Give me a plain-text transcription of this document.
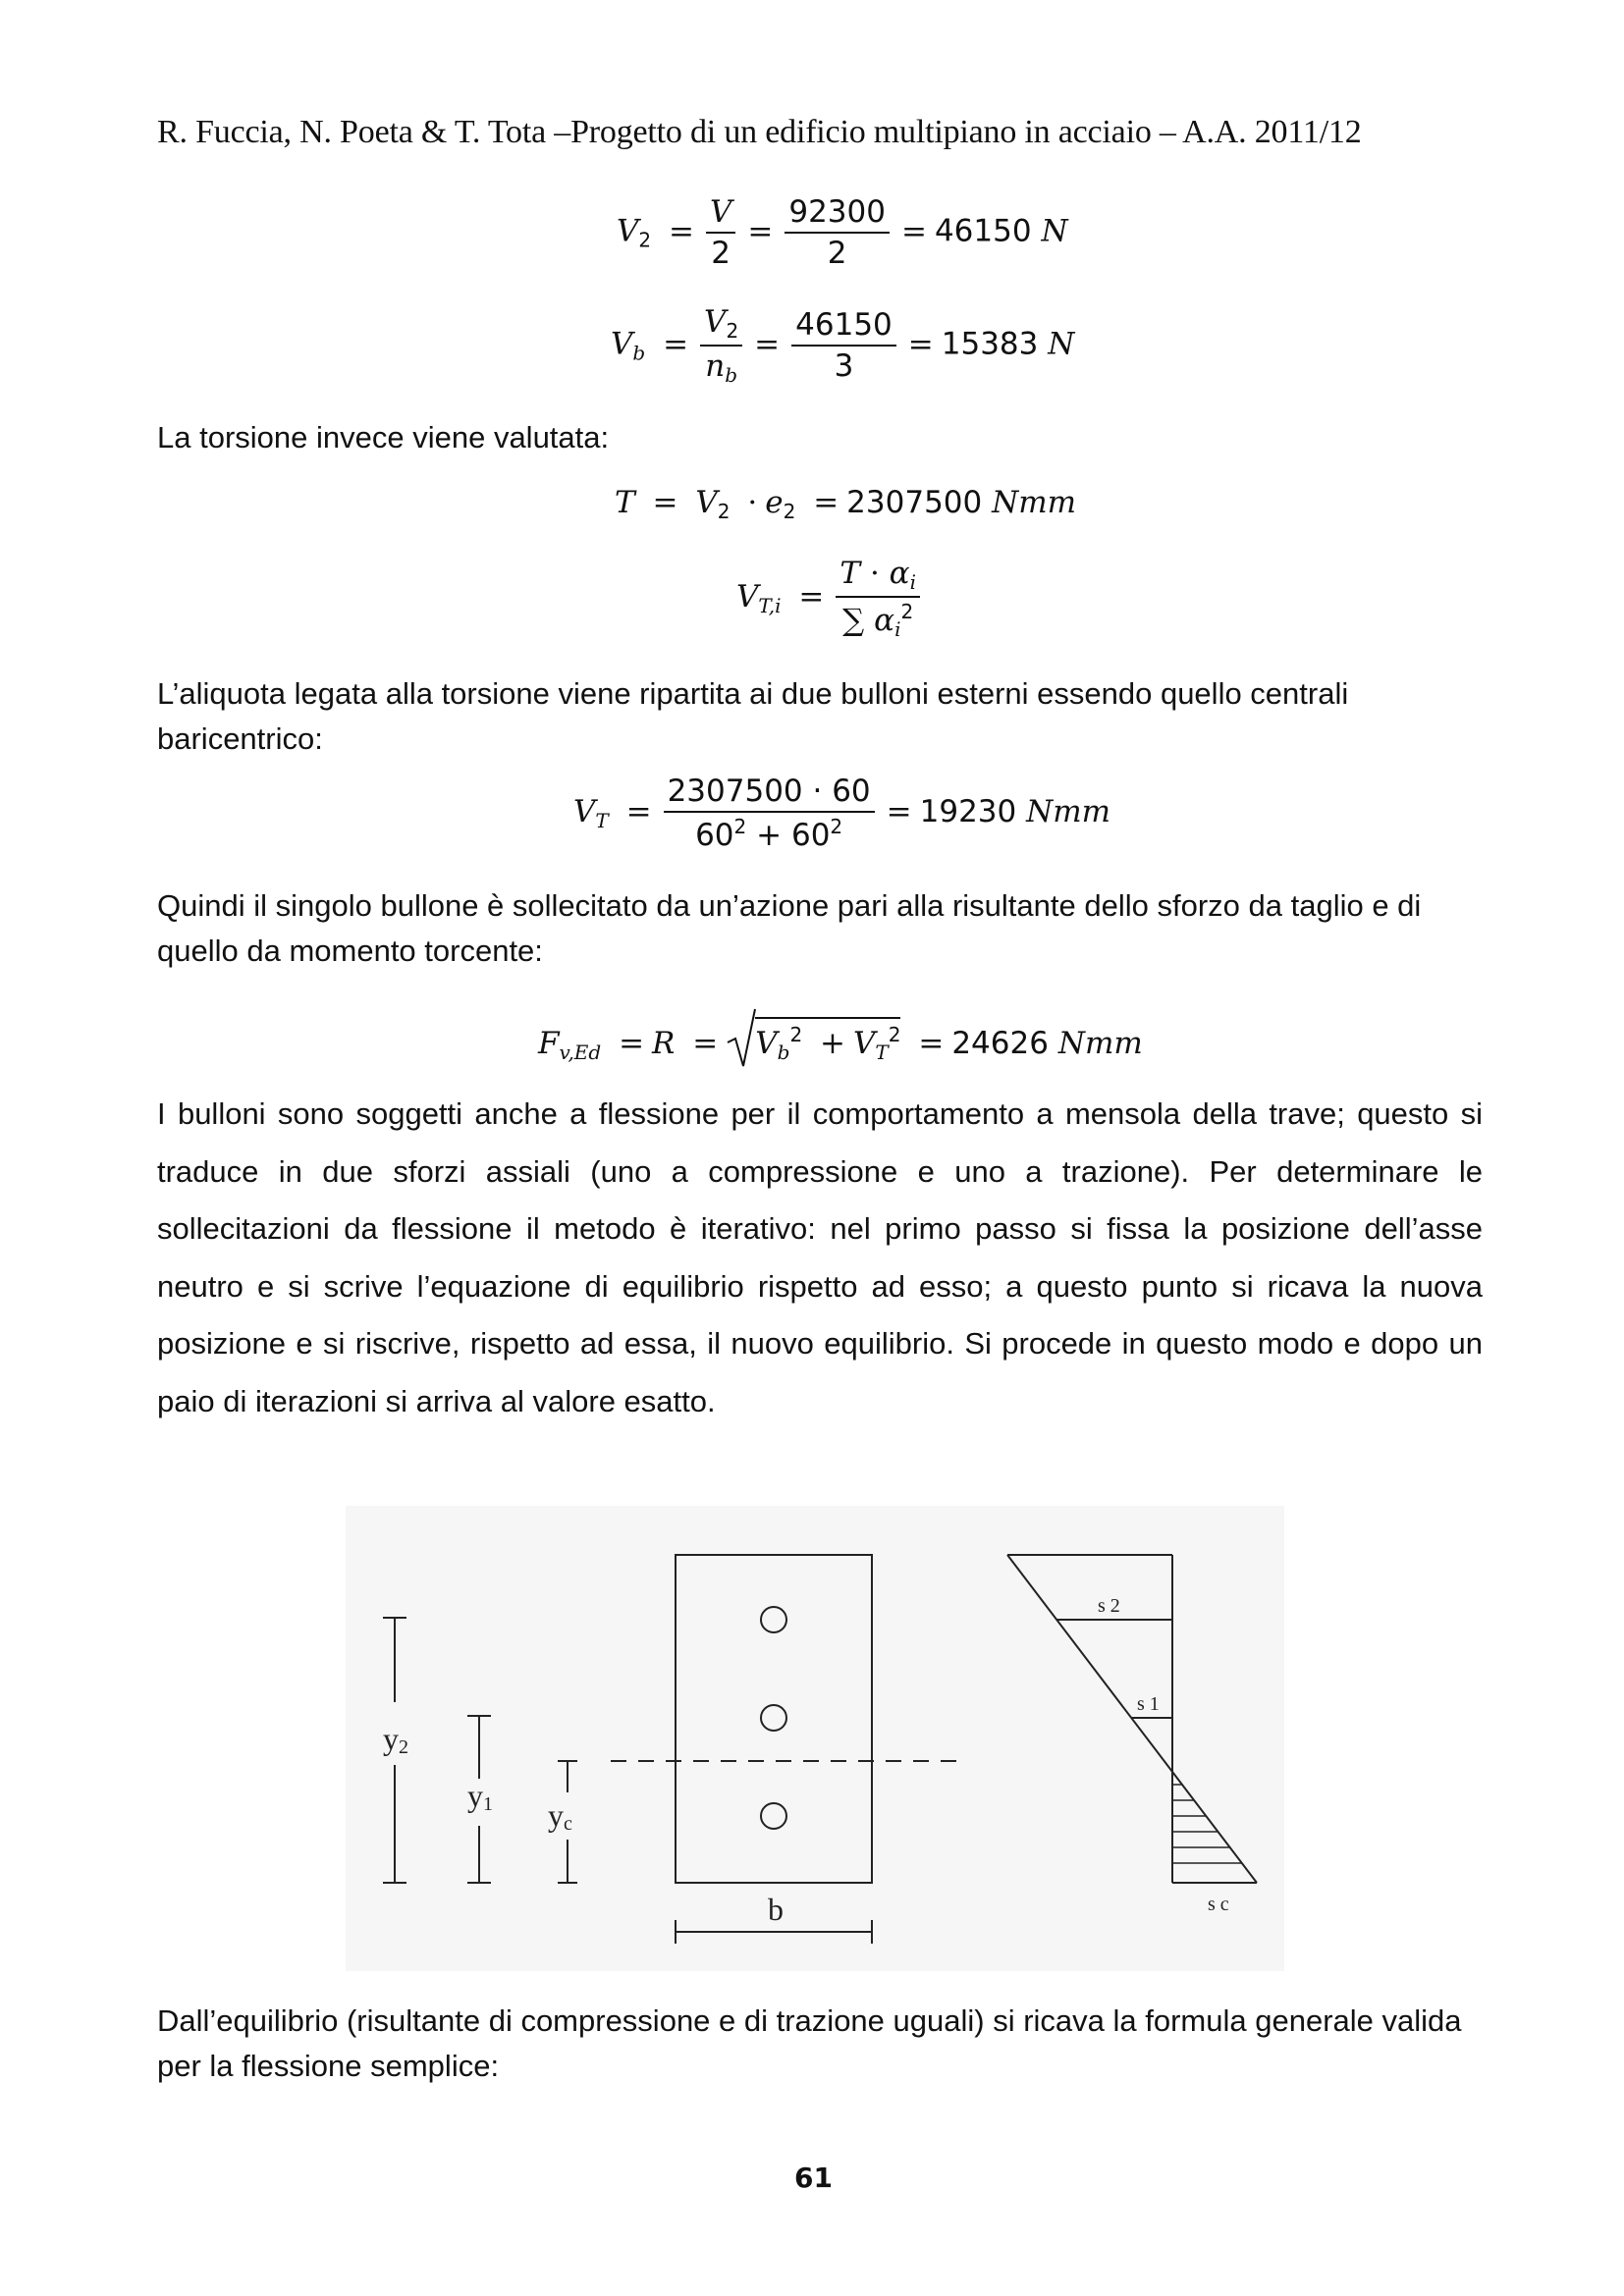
R. Fuccia, N. Poeta & T. Tota –Progetto di un edificio multipiano in acciaio – A.A. 2011/12
$V_2 = \frac{V}{2} = \frac{92300}{2} = 46150$ N
$V_b = \frac{V_2}{n_b} = \frac{46150}{3} = 15383$ N
La torsione invece viene valutata:
$T = V_2 \cdot e_2 = 2307500$ Nmm
$V_{T,i} = \frac{T \cdot \alpha_i}{\sum \alpha_i^2}$
L’aliquota legata alla torsione viene ripartita ai due bulloni esterni essendo quello centrali baricentrico:
$V_T = \frac{2307500 \cdot 60}{60^2 + 60^2} = 19230$ Nmm
Quindi il singolo bullone è sollecitato da un’azione pari alla risultante dello sforzo da taglio e di quello da momento torcente:
$F_{v,Ed} = R = V_b^2 + V_T^2 = 24626$ Nmm
I bulloni sono soggetti anche a flessione per il comportamento a mensola della trave; questo si traduce in due sforzi assiali (uno a compressione e uno a trazione). Per determinare le sollecitazioni da flessione il metodo è iterativo: nel primo passo si fissa la posizione dell’asse neutro e si scrive l’equazione di equilibrio rispetto ad esso; a questo punto si ricava la nuova posizione e si riscrive, rispetto ad essa, il nuovo equilibrio. Si procede in questo modo e dopo un paio di iterazioni si arriva al valore esatto.
y2
y1 yc
b
s 2
s 1
s c
Dall’equilibrio (risultante di compressione e di trazione uguali) si ricava la formula generale valida per la flessione semplice:
61
